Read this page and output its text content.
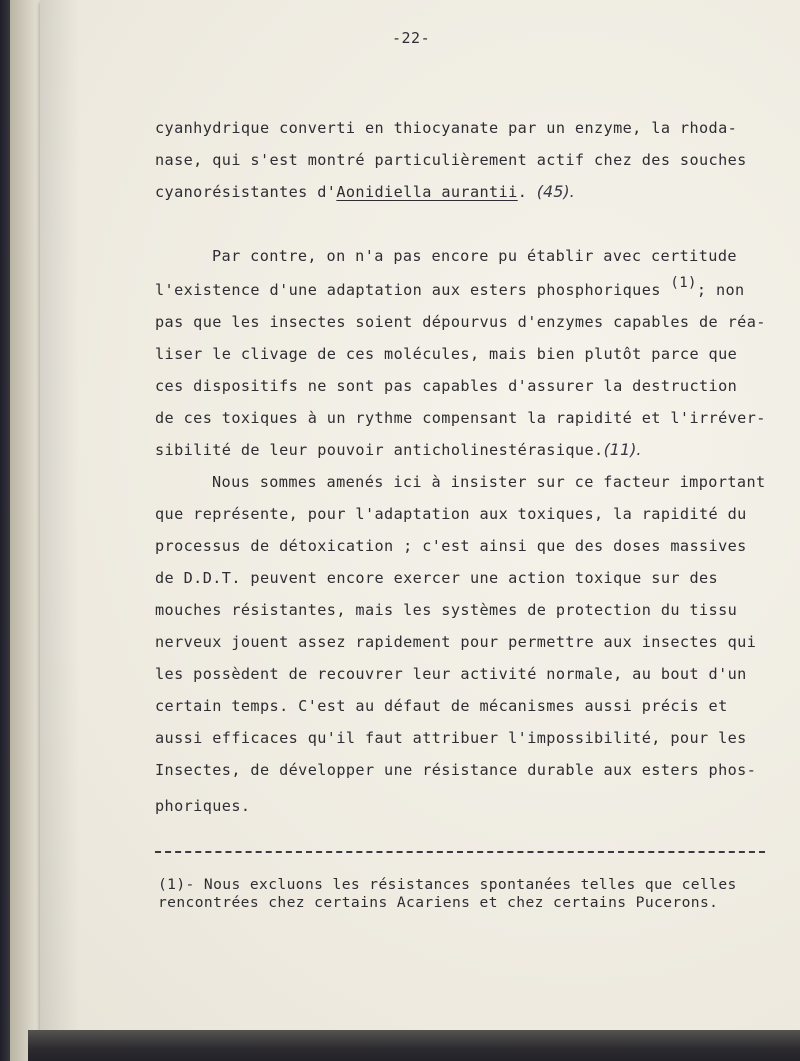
-22-
cyanhydrique converti en thiocyanate par un enzyme, la rhoda-
nase, qui s'est montré particulièrement actif chez des souches
cyanorésistantes d'Aonidiella aurantii. (45).
Par contre, on n'a pas encore pu établir avec certitude
l'existence d'une adaptation aux esters phosphoriques (1); non
pas que les insectes soient dépourvus d'enzymes capables de réa-
liser le clivage de ces molécules, mais bien plutôt parce que
ces dispositifs ne sont pas capables d'assurer la destruction
de ces toxiques à un rythme compensant la rapidité et l'irréver-
sibilité de leur pouvoir anticholinestérasique.(11).
Nous sommes amenés ici à insister sur ce facteur important
que représente, pour l'adaptation aux toxiques, la rapidité du
processus de détoxication ; c'est ainsi que des doses massives
de D.D.T. peuvent encore exercer une action toxique sur des
mouches résistantes, mais les systèmes de protection du tissu
nerveux jouent assez rapidement pour permettre aux insectes qui
les possèdent de recouvrer leur activité normale, au bout d'un
certain temps. C'est au défaut de mécanismes aussi précis et
aussi efficaces qu'il faut attribuer l'impossibilité, pour les
Insectes, de développer une résistance durable aux esters phos-
phoriques.
(1)- Nous excluons les résistances spontanées telles que celles
rencontrées chez certains Acariens et chez certains Pucerons.
